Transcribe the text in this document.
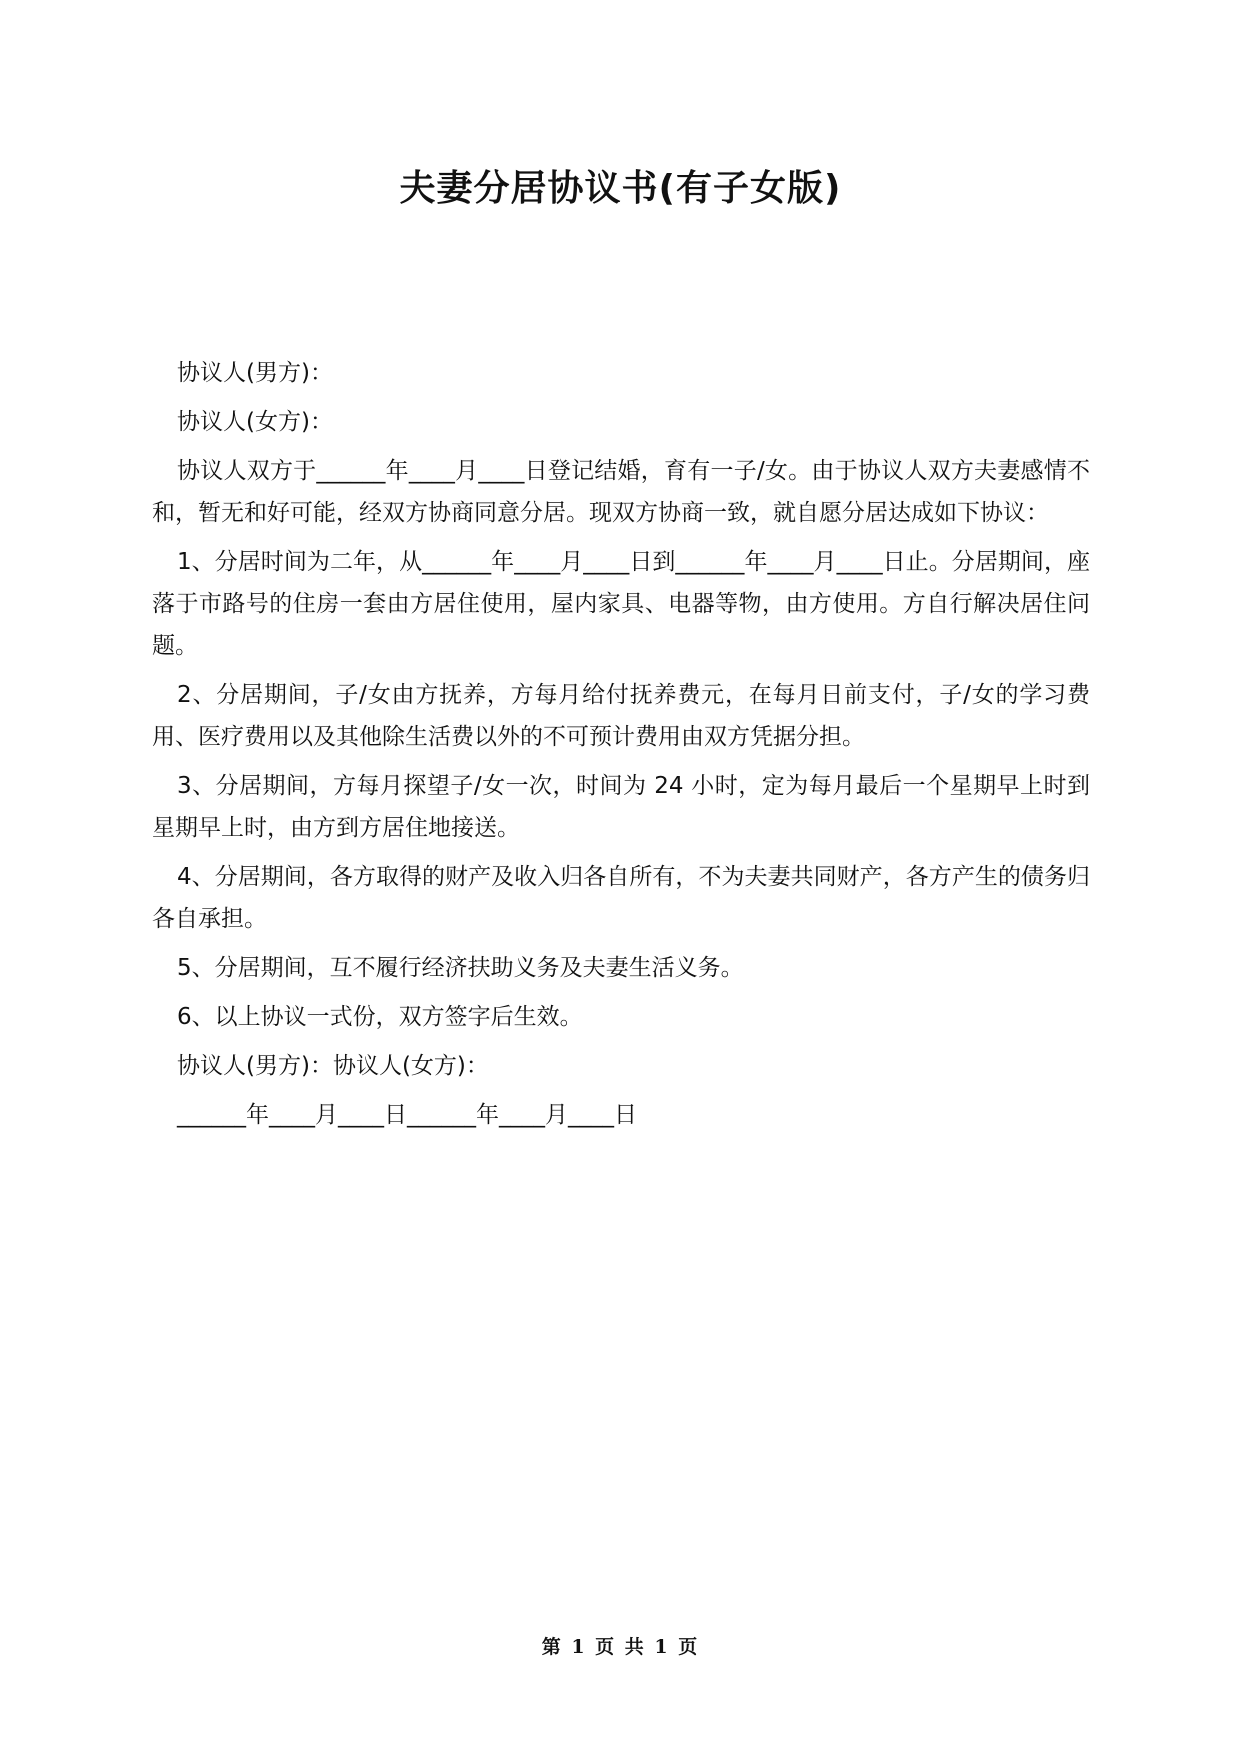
夫妻分居协议书(有子女版)

协议人(男方)：

协议人(女方)：

协议人双方于______年____月____日登记结婚，育有一子/女。由于协议人双方夫妻感情不和，暂无和好可能，经双方协商同意分居。现双方协商一致，就自愿分居达成如下协议：

1、分居时间为二年，从______年____月____日到______年____月____日止。分居期间，座落于市路号的住房一套由方居住使用，屋内家具、电器等物，由方使用。方自行解决居住问题。

2、分居期间，子/女由方抚养，方每月给付抚养费元，在每月日前支付，子/女的学习费用、医疗费用以及其他除生活费以外的不可预计费用由双方凭据分担。

3、分居期间，方每月探望子/女一次，时间为 24 小时，定为每月最后一个星期早上时到星期早上时，由方到方居住地接送。

4、分居期间，各方取得的财产及收入归各自所有，不为夫妻共同财产，各方产生的债务归各自承担。

5、分居期间，互不履行经济扶助义务及夫妻生活义务。

6、以上协议一式份，双方签字后生效。

协议人(男方)：协议人(女方)：

______年____月____日______年____月____日

第 1 页 共 1 页
